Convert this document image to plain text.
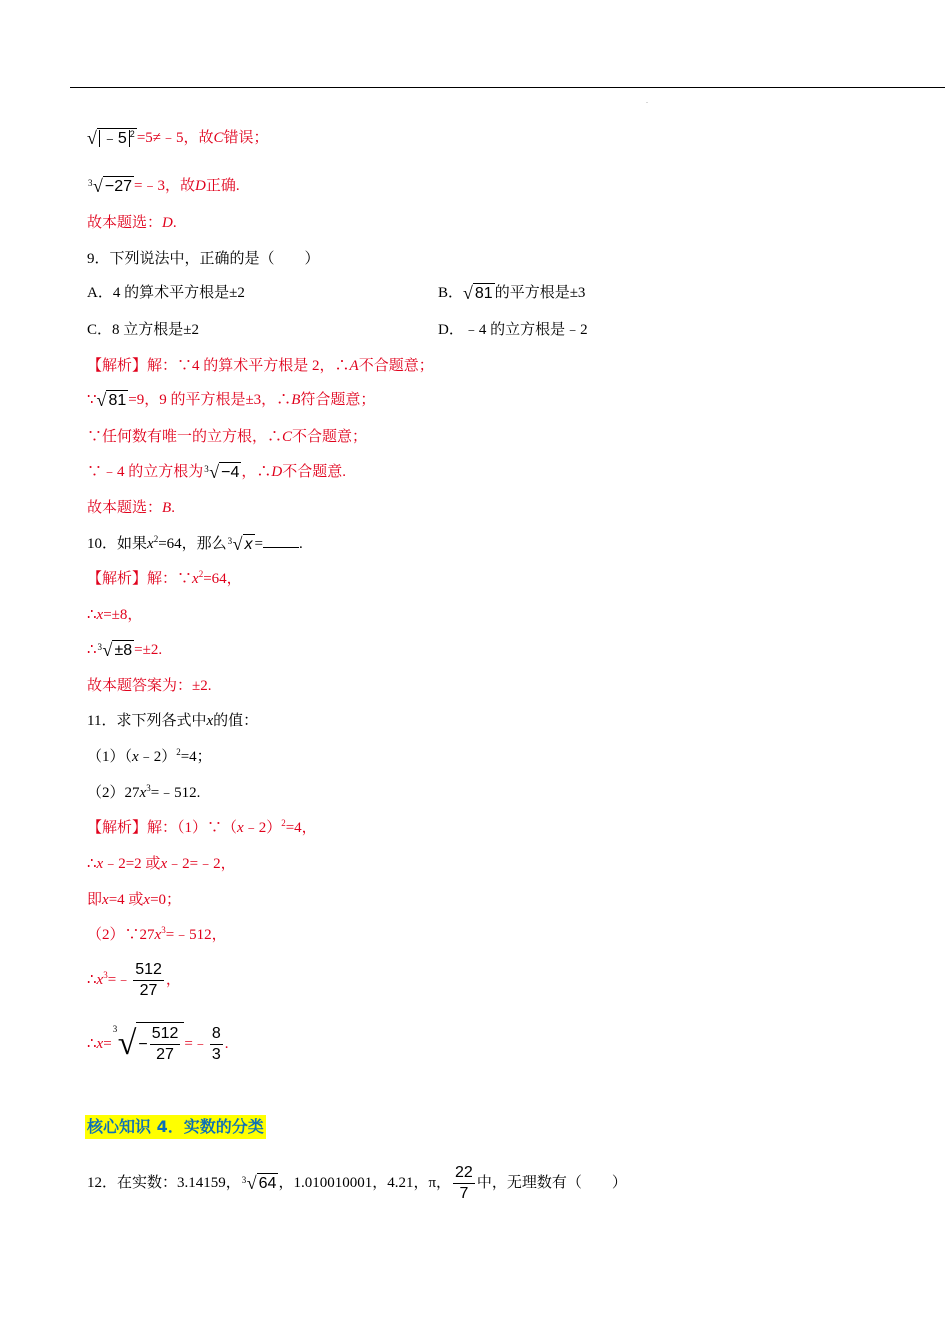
.
√ ﹣5 $^2$ =5≠﹣5，故C错误；
3 √ −27 =﹣3，故D正确.
故本题选：D.
9．下列说法中，正确的是（　　）
A．4 的算术平方根是±2	B． √ 81 的平方根是±3
C．8 立方根是±2	D．﹣4 的立方根是﹣2
【解析】解：∵4 的算术平方根是 2，∴A不合题意；
∵ √ 81 =9，9 的平方根是±3，∴B符合题意；
∵任何数有唯一的立方根，∴C不合题意；
∵﹣4 的立方根为 3 √ −4 ，∴D不合题意.
故本题选：B.
10．如果$x^2=64$，那么 3 √ x = .
【解析】解：$\because x^2=64$，
∴x=±8，
∴ 3 √ ±8 =±2.
故本题答案为：±2.
11．求下列各式中x的值：
（1）（x﹣2）$^2$=4；
$(2)27x^3=﹣512$.
【解析】解：（1）∵（x﹣2）$^2$=4，
∴x﹣2=2 或x﹣2=﹣2，
即x=4 或x=0；
$(2)\because 27x^3=﹣512$，
$\therefore x^3=﹣ \frac{512}{27}$ ，
∴x=
3 √ − $\frac{512}{27}$ =﹣ $\frac{8}{3}$ .
核心知识 4．实数的分类
12．在实数：3.14159， 3 √ 64 ，1.010010001，4.21，π， $\frac{22}{7}$ 中，无理数有（　　）
